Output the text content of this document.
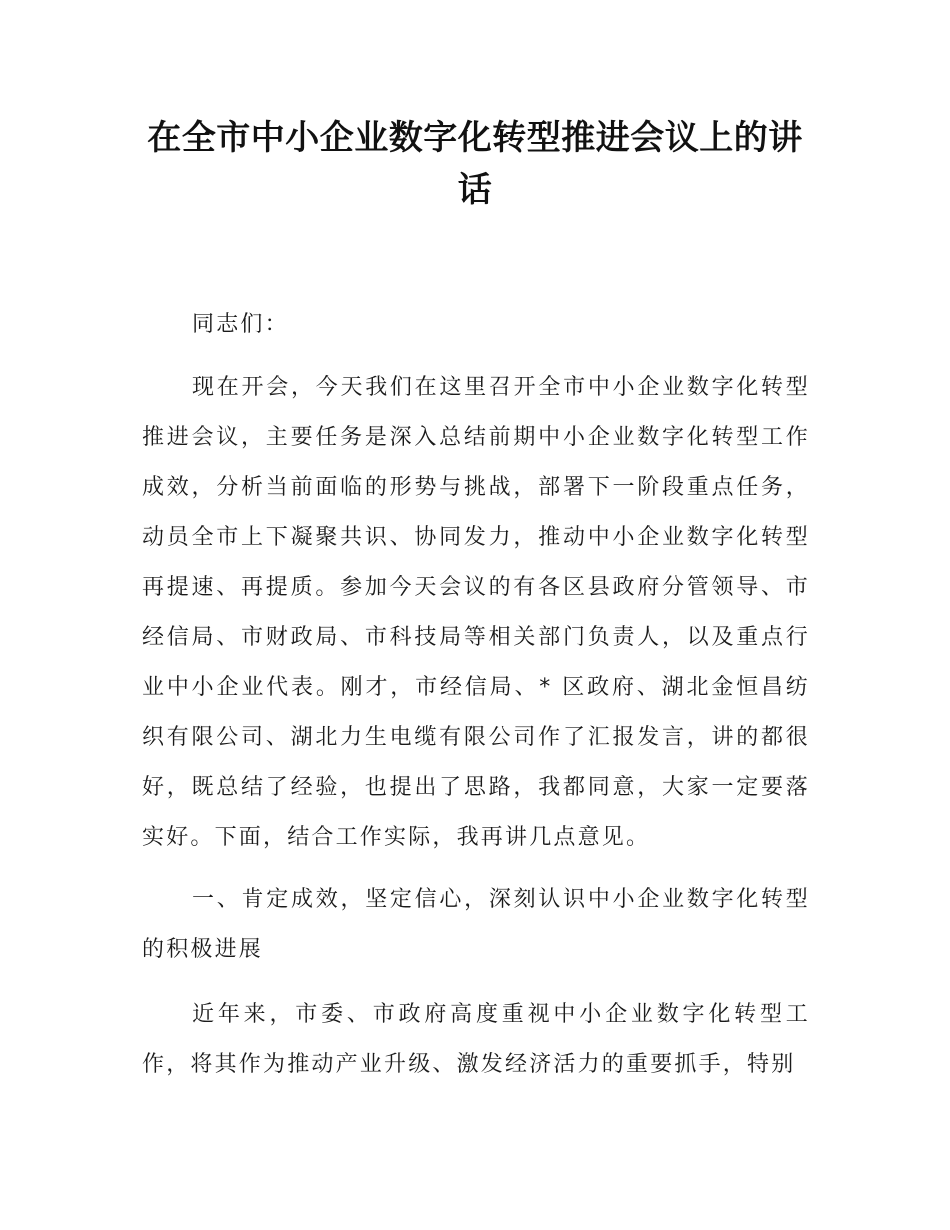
在全市中小企业数字化转型推进会议上的讲话

同志们：

现在开会，今天我们在这里召开全市中小企业数字化转型推进会议，主要任务是深入总结前期中小企业数字化转型工作成效，分析当前面临的形势与挑战，部署下一阶段重点任务，动员全市上下凝聚共识、协同发力，推动中小企业数字化转型再提速、再提质。参加今天会议的有各区县政府分管领导、市经信局、市财政局、市科技局等相关部门负责人，以及重点行业中小企业代表。刚才，市经信局、* 区政府、湖北金恒昌纺织有限公司、湖北力生电缆有限公司作了汇报发言，讲的都很好，既总结了经验，也提出了思路，我都同意，大家一定要落实好。下面，结合工作实际，我再讲几点意见。

一、肯定成效，坚定信心，深刻认识中小企业数字化转型的积极进展

近年来，市委、市政府高度重视中小企业数字化转型工作，将其作为推动产业升级、激发经济活力的重要抓手，特别
